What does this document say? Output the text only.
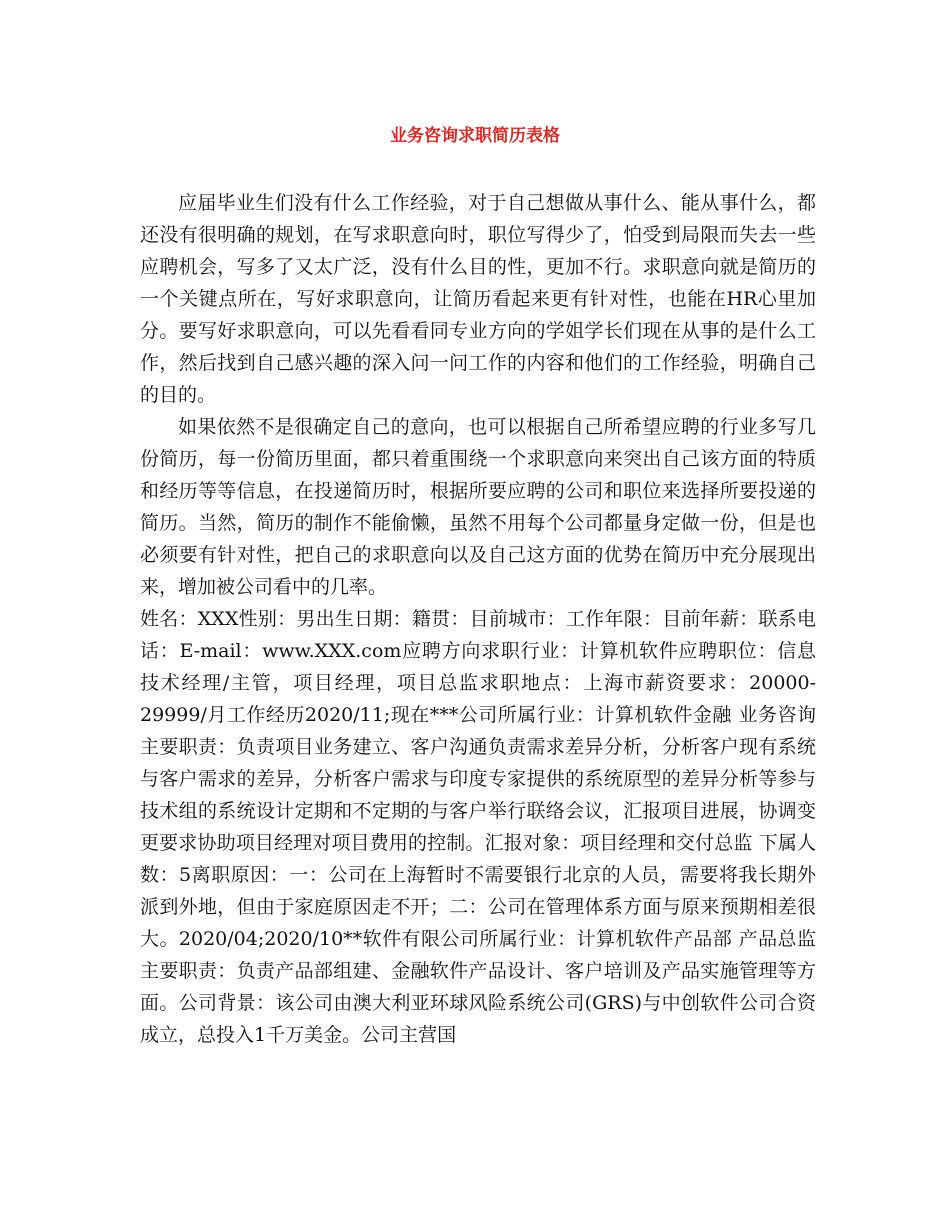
业务咨询求职简历表格

应届毕业生们没有什么工作经验，对于自己想做从事什么、能从事什么，都还没有很明确的规划，在写求职意向时，职位写得少了，怕受到局限而失去一些应聘机会，写多了又太广泛，没有什么目的性，更加不行。求职意向就是简历的一个关键点所在，写好求职意向，让简历看起来更有针对性，也能在HR心里加分。要写好求职意向，可以先看看同专业方向的学姐学长们现在从事的是什么工作，然后找到自己感兴趣的深入问一问工作的内容和他们的工作经验，明确自己的目的。

如果依然不是很确定自己的意向，也可以根据自己所希望应聘的行业多写几份简历，每一份简历里面，都只着重围绕一个求职意向来突出自己该方面的特质和经历等等信息，在投递简历时，根据所要应聘的公司和职位来选择所要投递的简历。当然，简历的制作不能偷懒，虽然不用每个公司都量身定做一份，但是也必须要有针对性，把自己的求职意向以及自己这方面的优势在简历中充分展现出来，增加被公司看中的几率。

姓名：XXX性别：男出生日期：籍贯：目前城市：工作年限：目前年薪：联系电话：E-mail：www.XXX.com应聘方向求职行业：计算机软件应聘职位：信息技术经理/主管，项目经理，项目总监求职地点：上海市薪资要求：20000-29999/月工作经历2020/11;现在***公司所属行业：计算机软件金融 业务咨询 主要职责：负责项目业务建立、客户沟通负责需求差异分析，分析客户现有系统与客户需求的差异，分析客户需求与印度专家提供的系统原型的差异分析等参与技术组的系统设计定期和不定期的与客户举行联络会议，汇报项目进展，协调变更要求协助项目经理对项目费用的控制。汇报对象：项目经理和交付总监 下属人数：5离职原因：一：公司在上海暂时不需要银行北京的人员，需要将我长期外派到外地，但由于家庭原因走不开；二：公司在管理体系方面与原来预期相差很大。2020/04;2020/10**软件有限公司所属行业：计算机软件产品部 产品总监 主要职责：负责产品部组建、金融软件产品设计、客户培训及产品实施管理等方面。公司背景：该公司由澳大利亚环球风险系统公司(GRS)与中创软件公司合资成立，总投入1千万美金。公司主营国
